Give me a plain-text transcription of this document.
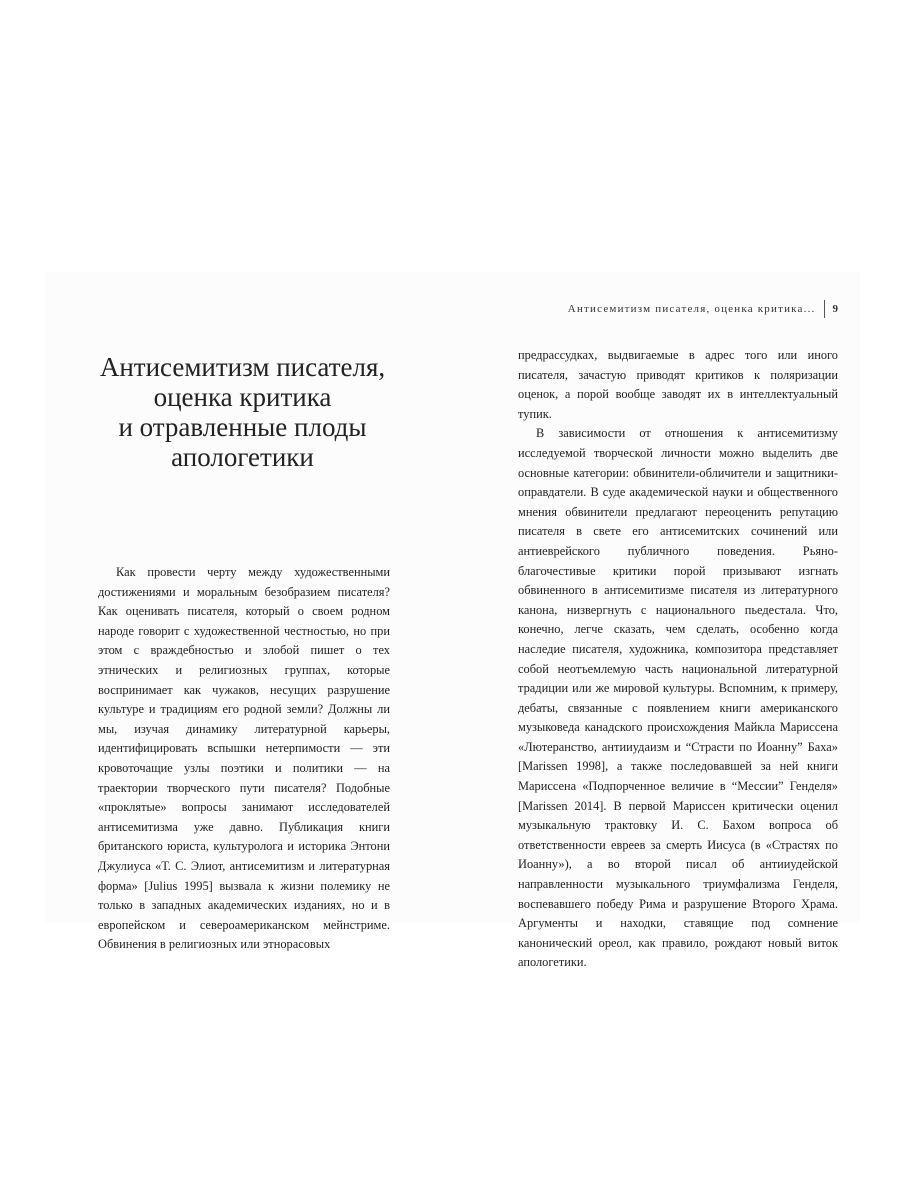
Антисемитизм писателя, оценка критика... 9
Антисемитизм писателя,
оценка критика
и отравленные плоды
апологетики

Как провести черту между художественными достижениями и моральным безобразием писателя? Как оценивать писателя, который о своем родном народе говорит с художественной честностью, но при этом с враждебностью и злобой пишет о тех этнических и религиозных группах, которые воспринимает как чужаков, несущих разрушение культуре и традициям его родной земли? Должны ли мы, изучая динамику литературной карьеры, идентифицировать вспышки нетерпимости — эти кровоточащие узлы поэтики и политики — на траектории творческого пути писателя? Подобные «проклятые» вопросы занимают исследователей антисемитизма уже давно. Публикация книги британского юриста, культуролога и историка Энтони Джулиуса «Т. С. Элиот, антисемитизм и литературная форма» [Julius 1995] вызвала к жизни полемику не только в западных академических изданиях, но и в европейском и североамериканском мейнстриме. Обвинения в религиозных или этнорасовых

предрассудках, выдвигаемые в адрес того или иного писателя, зачастую приводят критиков к поляризации оценок, а порой вообще заводят их в интеллектуальный тупик.

В зависимости от отношения к антисемитизму исследуемой творческой личности можно выделить две основные категории: обвинители-обличители и защитники-оправдатели. В суде академической науки и общественного мнения обвинители предлагают переоценить репутацию писателя в свете его антисемитских сочинений или антиеврейского публичного поведения. Рьяно-благочестивые критики порой призывают изгнать обвиненного в антисемитизме писателя из литературного канона, низвергнуть с национального пьедестала. Что, конечно, легче сказать, чем сделать, особенно когда наследие писателя, художника, композитора представляет собой неотъемлемую часть национальной литературной традиции или же мировой культуры. Вспомним, к примеру, дебаты, связанные с появлением книги американского музыковеда канадского происхождения Майкла Мариссена «Лютеранство, антииудаизм и “Страсти по Иоанну” Баха» [Marissen 1998], а также последовавшей за ней книги Мариссена «Подпорченное величие в “Мессии” Генделя» [Marissen 2014]. В первой Мариссен критически оценил музыкальную трактовку И. С. Бахом вопроса об ответственности евреев за смерть Иисуса (в «Страстях по Иоанну»), а во второй писал об антииудейской направленности музыкального триумфализма Генделя, воспевавшего победу Рима и разрушение Второго Храма. Аргументы и находки, ставящие под сомнение канонический ореол, как правило, рождают новый виток апологетики.
